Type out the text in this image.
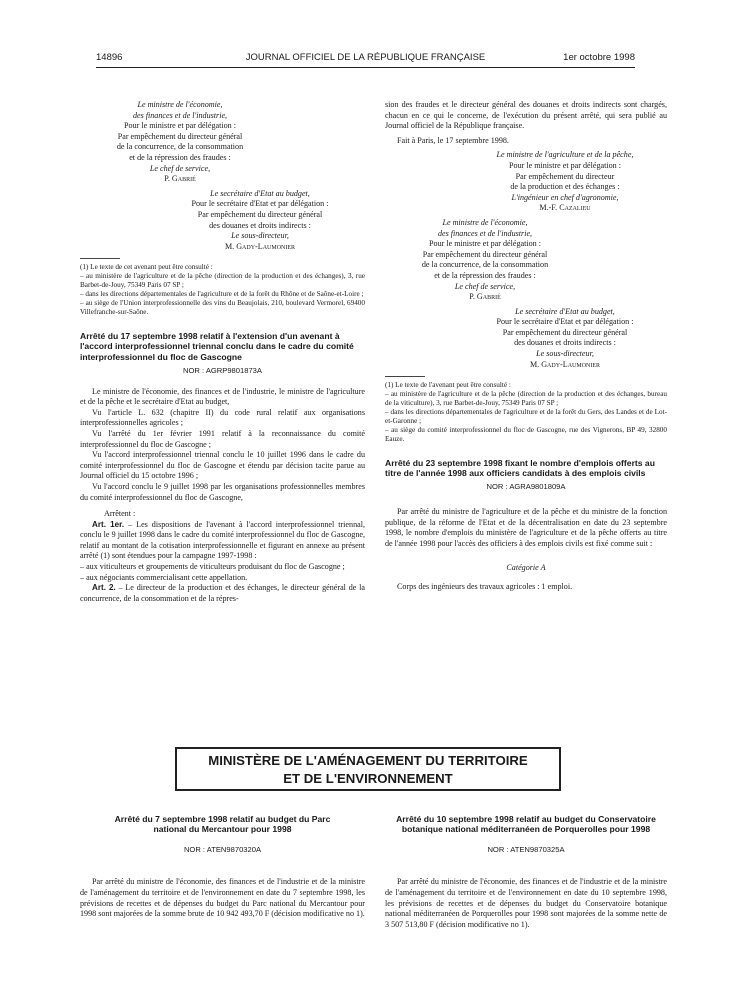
14896	JOURNAL OFFICIEL DE LA RÉPUBLIQUE FRANÇAISE	1er octobre 1998

Le ministre de l'économie,

des finances et de l'industrie,

Pour le ministre et par délégation :

Par empêchement du directeur général

de la concurrence, de la consommation

et de la répression des fraudes :

Le chef de service,

P. Gabrié

Le secrétaire d'Etat au budget,

Pour le secrétaire d'Etat et par délégation :

Par empêchement du directeur général

des douanes et droits indirects :

Le sous-directeur,

M. Gady-Laumonier

(1) Le texte de cet avenant peut être consulté :

– au ministère de l'agriculture et de la pêche (direction de la production et des échanges), 3, rue Barbet-de-Jouy, 75349 Paris 07 SP ;

– dans les directions départementales de l'agriculture et de la forêt du Rhône et de Saône-et-Loire ;

– au siège de l'Union interprofessionnelle des vins du Beaujolais, 210, boulevard Vermorel, 69400 Villefranche-sur-Saône.

Arrêté du 17 septembre 1998 relatif à l'extension d'un avenant à l'accord interprofessionnel triennal conclu dans le cadre du comité interprofessionnel du floc de Gascogne

NOR : AGRP9801873A

Le ministre de l'économie, des finances et de l'industrie, le ministre de l'agriculture et de la pêche et le secrétaire d'Etat au budget,

Vu l'article L. 632 (chapitre II) du code rural relatif aux organisations interprofessionnelles agricoles ;

Vu l'arrêté du 1er février 1991 relatif à la reconnaissance du comité interprofessionnel du floc de Gascogne ;

Vu l'accord interprofessionnel triennal conclu le 10 juillet 1996 dans le cadre du comité interprofessionnel du floc de Gascogne et étendu par décision tacite parue au Journal officiel du 15 octobre 1996 ;

Vu l'accord conclu le 9 juillet 1998 par les organisations professionnelles membres du comité interprofessionnel du floc de Gascogne,

Arrêtent :

Art. 1er. – Les dispositions de l'avenant à l'accord interprofessionnel triennal, conclu le 9 juillet 1998 dans le cadre du comité interprofessionnel du floc de Gascogne, relatif au montant de la cotisation interprofessionnelle et figurant en annexe au présent arrêté (1) sont étendues pour la campagne 1997-1998 :

– aux viticulteurs et groupements de viticulteurs produisant du floc de Gascogne ;

– aux négociants commercialisant cette appellation.

Art. 2. – Le directeur de la production et des échanges, le directeur général de la concurrence, de la consommation et de la répres-

sion des fraudes et le directeur général des douanes et droits indirects sont chargés, chacun en ce qui le concerne, de l'exécution du présent arrêté, qui sera publié au Journal officiel de la République française.

Fait à Paris, le 17 septembre 1998.

Le ministre de l'agriculture et de la pêche,

Pour le ministre et par délégation :

Par empêchement du directeur

de la production et des échanges :

L'ingénieur en chef d'agronomie,

M.-F. Cazalieu

Le ministre de l'économie,

des finances et de l'industrie,

Pour le ministre et par délégation :

Par empêchement du directeur général

de la concurrence, de la consommation

et de la répression des fraudes :

Le chef de service,

P. Gabrié

Le secrétaire d'Etat au budget,

Pour le secrétaire d'Etat et par délégation :

Par empêchement du directeur général

des douanes et droits indirects :

Le sous-directeur,

M. Gady-Laumonier

(1) Le texte de l'avenant peut être consulté :

– au ministère de l'agriculture et de la pêche (direction de la production et des échanges, bureau de la viticulture), 3, rue Barbet-de-Jouy, 75349 Paris 07 SP ;

– dans les directions départementales de l'agriculture et de la forêt du Gers, des Landes et de Lot-et-Garonne ;

– au siège du comité interprofessionnel du floc de Gascogne, rue des Vignerons, BP 49, 32800 Eauze.

Arrêté du 23 septembre 1998 fixant le nombre d'emplois offerts au titre de l'année 1998 aux officiers candidats à des emplois civils

NOR : AGRA9801809A

Par arrêté du ministre de l'agriculture et de la pêche et du ministre de la fonction publique, de la réforme de l'Etat et de la décentralisation en date du 23 septembre 1998, le nombre d'emplois du ministère de l'agriculture et de la pêche offerts au titre de l'année 1998 pour l'accès des officiers à des emplois civils est fixé comme suit :

Catégorie A

Corps des ingénieurs des travaux agricoles : 1 emploi.

MINISTÈRE DE L'AMÉNAGEMENT DU TERRITOIRE
ET DE L'ENVIRONNEMENT

Arrêté du 7 septembre 1998 relatif au budget du Parc national du Mercantour pour 1998

NOR : ATEN9870320A

Par arrêté du ministre de l'économie, des finances et de l'industrie et de la ministre de l'aménagement du territoire et de l'environnement en date du 7 septembre 1998, les prévisions de recettes et de dépenses du budget du Parc national du Mercantour pour 1998 sont majorées de la somme brute de 10 942 493,70 F (décision modificative no 1).

Arrêté du 10 septembre 1998 relatif au budget du Conservatoire botanique national méditerranéen de Porquerolles pour 1998

NOR : ATEN9870325A

Par arrêté du ministre de l'économie, des finances et de l'industrie et de la ministre de l'aménagement du territoire et de l'environnement en date du 10 septembre 1998, les prévisions de recettes et de dépenses du budget du Conservatoire botanique national méditerranéen de Porquerolles pour 1998 sont majorées de la somme nette de 3 507 513,80 F (décision modificative no 1).
